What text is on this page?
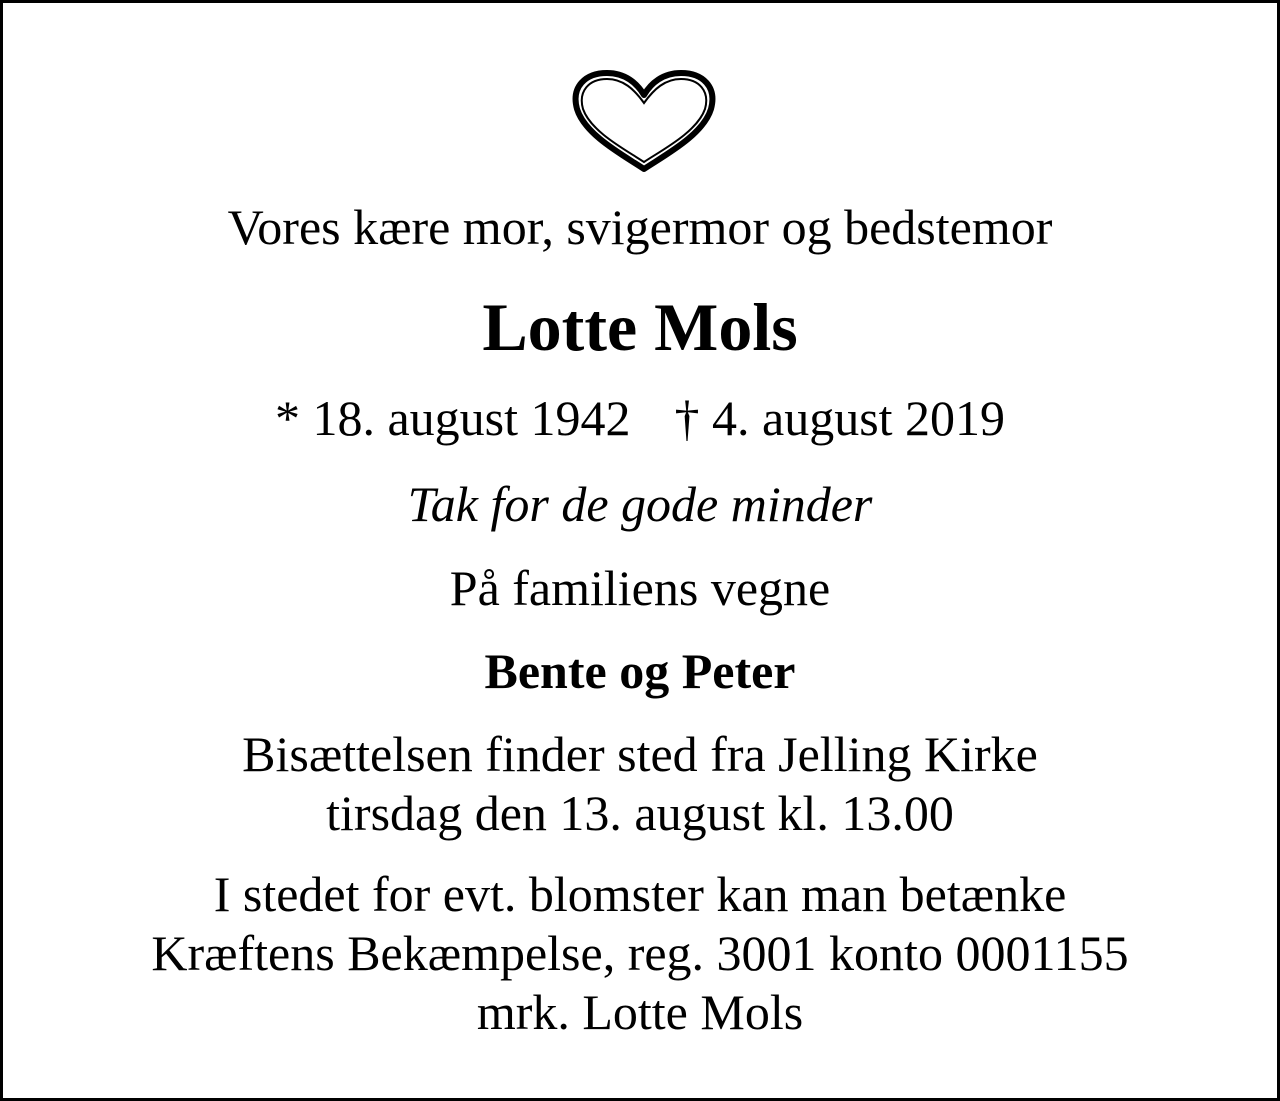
Vores kære mor, svigermor og bedstemor

Lotte Mols

* 18. august 1942 † 4. august 2019

Tak for de gode minder

På familiens vegne

Bente og Peter

Bisættelsen finder sted fra Jelling Kirke

tirsdag den 13. august kl. 13.00

I stedet for evt. blomster kan man betænke

Kræftens Bekæmpelse, reg. 3001 konto 0001155

mrk. Lotte Mols
